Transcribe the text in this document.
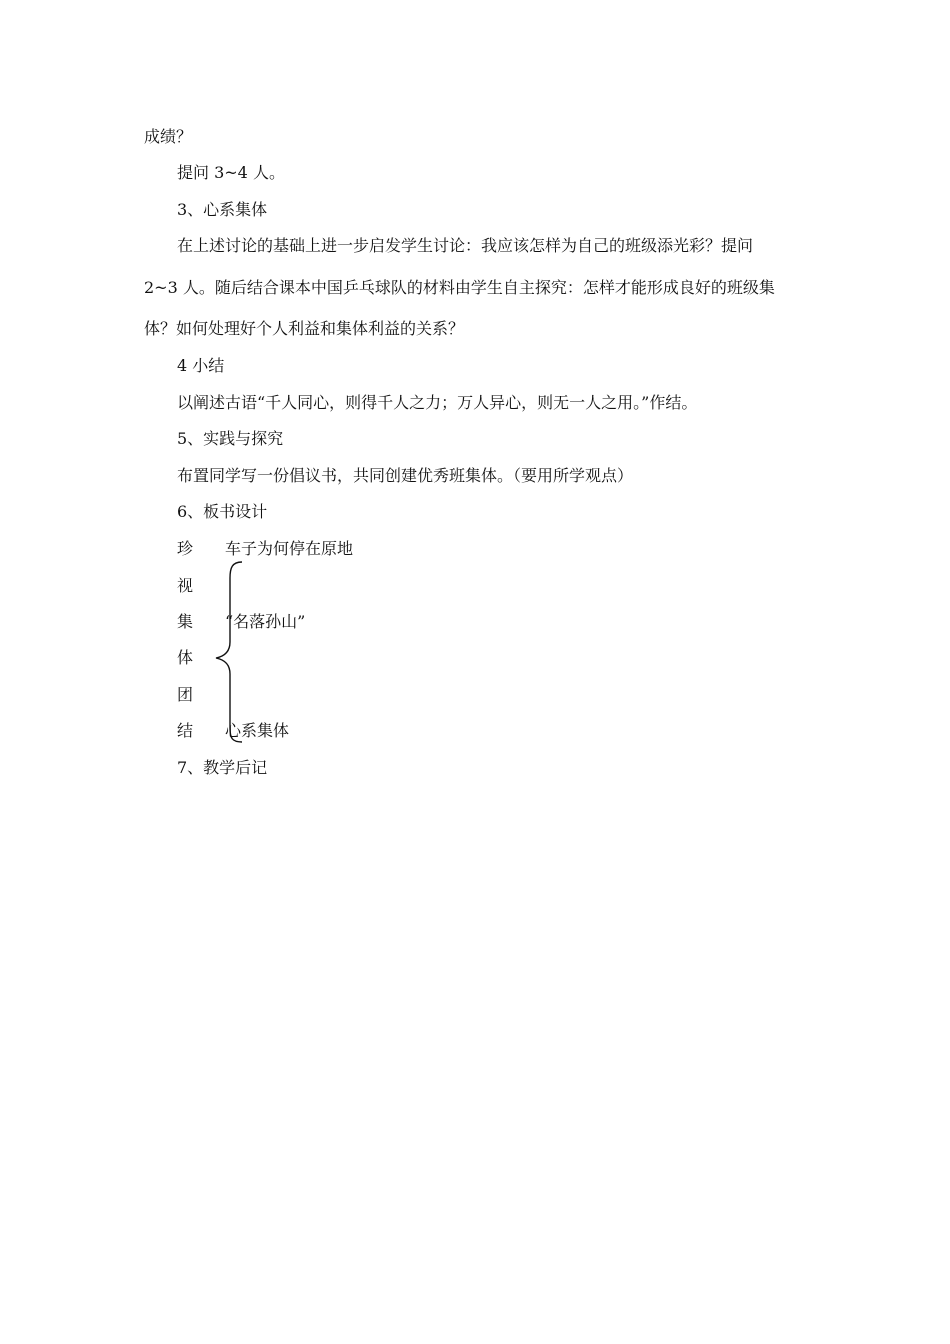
成绩？
提问 3~4 人。
3、心系集体
在上述讨论的基础上进一步启发学生讨论：我应该怎样为自己的班级添光彩？提问
2~3 人。随后结合课本中国乒乓球队的材料由学生自主探究：怎样才能形成良好的班级集
体？如何处理好个人利益和集体利益的关系？
4 小结
以阐述古语“千人同心，则得千人之力；万人异心，则无一人之用。”作结。
5、实践与探究
布置同学写一份倡议书，共同创建优秀班集体。（要用所学观点）
6、板书设计
珍
视
集
体
团
结
车子为何停在原地
“名落孙山”
心系集体
7、教学后记
